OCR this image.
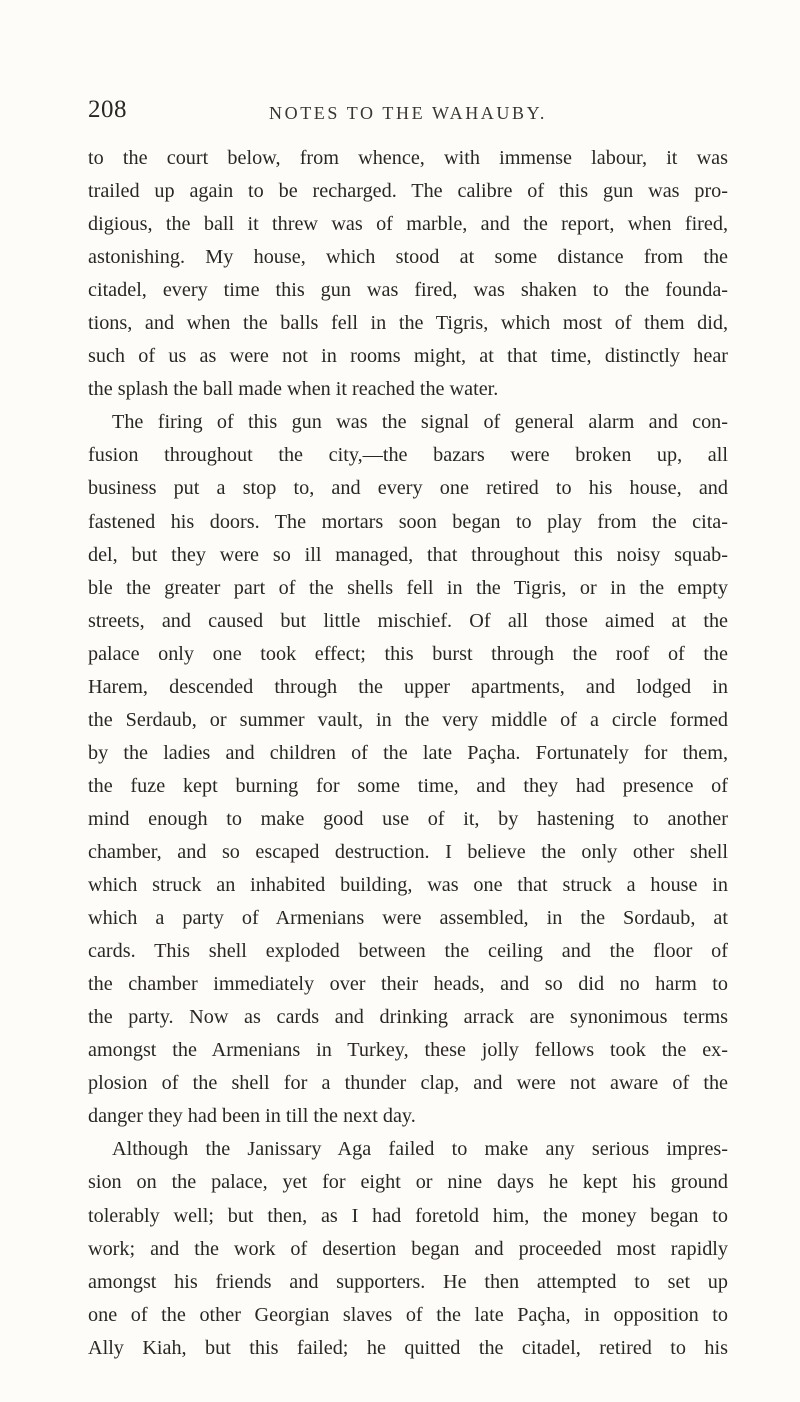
208	NOTES TO THE WAHAUBY.
to the court below, from whence, with immense labour, it was
trailed up again to be recharged. The calibre of this gun was pro-
digious, the ball it threw was of marble, and the report, when fired,
astonishing. My house, which stood at some distance from the
citadel, every time this gun was fired, was shaken to the founda-
tions, and when the balls fell in the Tigris, which most of them did,
such of us as were not in rooms might, at that time, distinctly hear
the splash the ball made when it reached the water.
The firing of this gun was the signal of general alarm and con-
fusion throughout the city,—the bazars were broken up, all
business put a stop to, and every one retired to his house, and
fastened his doors. The mortars soon began to play from the cita-
del, but they were so ill managed, that throughout this noisy squab-
ble the greater part of the shells fell in the Tigris, or in the empty
streets, and caused but little mischief. Of all those aimed at the
palace only one took effect; this burst through the roof of the
Harem, descended through the upper apartments, and lodged in
the Serdaub, or summer vault, in the very middle of a circle formed
by the ladies and children of the late Paçha. Fortunately for them,
the fuze kept burning for some time, and they had presence of
mind enough to make good use of it, by hastening to another
chamber, and so escaped destruction. I believe the only other shell
which struck an inhabited building, was one that struck a house in
which a party of Armenians were assembled, in the Sordaub, at
cards. This shell exploded between the ceiling and the floor of
the chamber immediately over their heads, and so did no harm to
the party. Now as cards and drinking arrack are synonimous terms
amongst the Armenians in Turkey, these jolly fellows took the ex-
plosion of the shell for a thunder clap, and were not aware of the
danger they had been in till the next day.
Although the Janissary Aga failed to make any serious impres-
sion on the palace, yet for eight or nine days he kept his ground
tolerably well; but then, as I had foretold him, the money began to
work; and the work of desertion began and proceeded most rapidly
amongst his friends and supporters. He then attempted to set up
one of the other Georgian slaves of the late Paçha, in opposition to
Ally Kiah, but this failed; he quitted the citadel, retired to his
